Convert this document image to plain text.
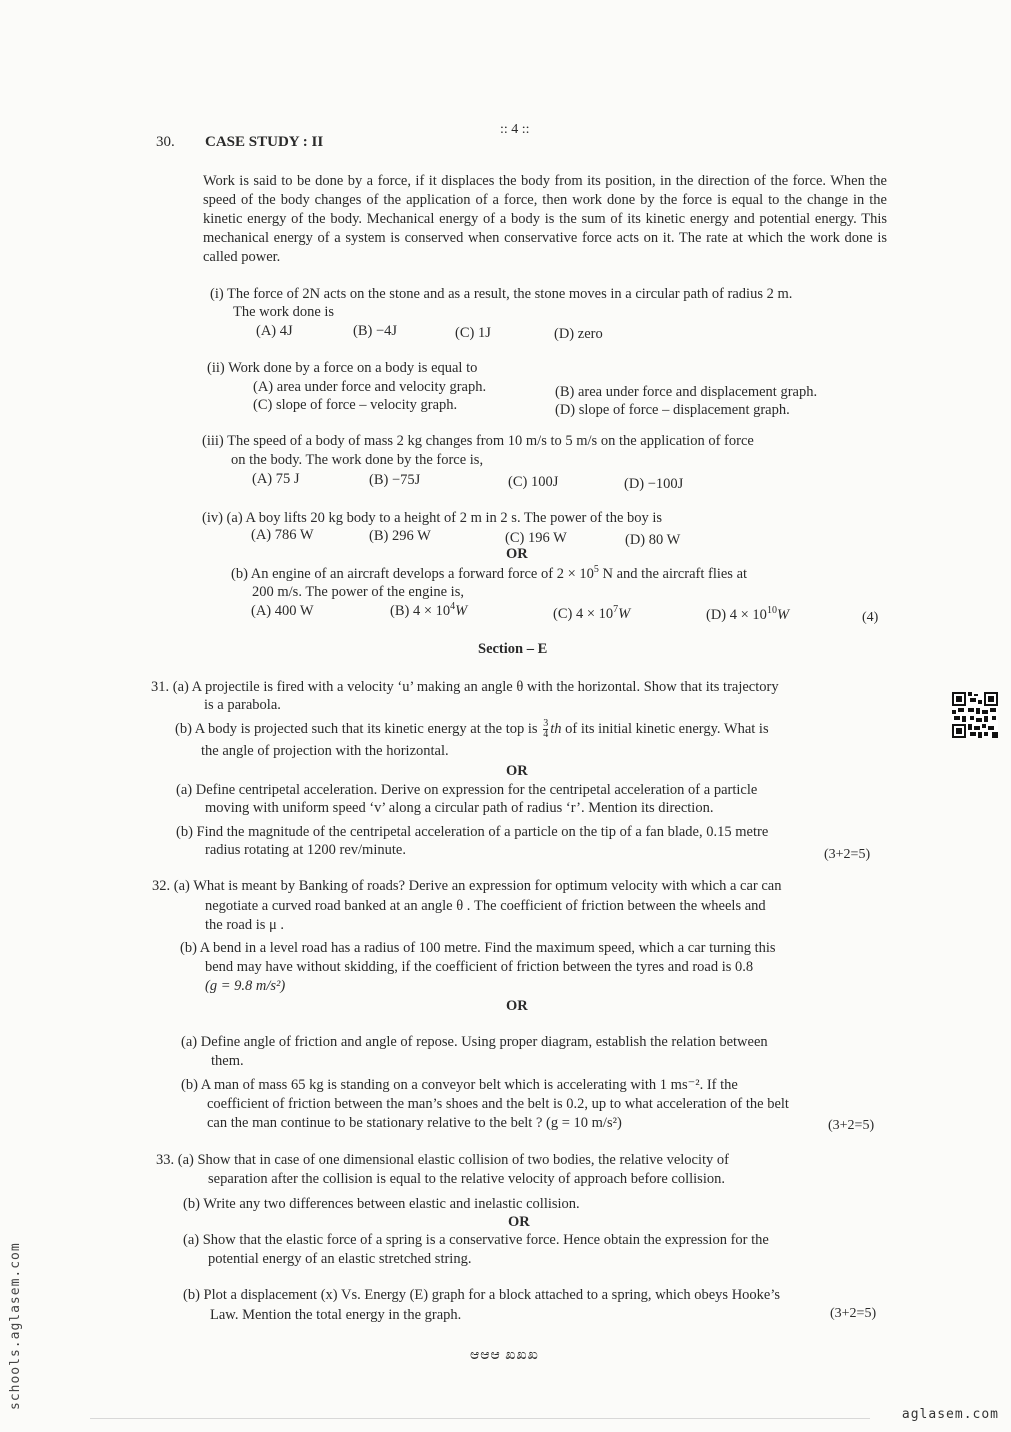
:: 4 ::
30. CASE STUDY : II
Work is said to be done by a force, if it displaces the body from its position, in the direction of the force. When the speed of the body changes of the application of a force, then work done by the force is equal to the change in the kinetic energy of the body. Mechanical energy of a body is the sum of its kinetic energy and potential energy. This mechanical energy of a system is conserved when conservative force acts on it. The rate at which the work done is called power.
(i) The force of 2N acts on the stone and as a result, the stone moves in a circular path of radius 2 m.
The work done is
(A) 4J	(B) −4J	(C) 1J	(D) zero
(ii) Work done by a force on a body is equal to
(A) area under force and velocity graph.	(B) area under force and displacement graph.
(C) slope of force – velocity graph.	(D) slope of force – displacement graph.
(iii) The speed of a body of mass 2 kg changes from 10 m/s to 5 m/s on the application of force
on the body. The work done by the force is,
(A) 75 J	(B) −75J	(C) 100J	(D) −100J
(iv) (a) A boy lifts 20 kg body to a height of 2 m in 2 s. The power of the boy is
(A) 786 W	(B) 296 W	(C) 196 W	(D) 80 W
OR
(b) An engine of an aircraft develops a forward force of $2 \times 10^5$ N and the aircraft flies at
200 m/s. The power of the engine is,
(A) 400 W	(B) $4 \times 10^4W$	(C) $4 \times 10^7W$	(D) $4 \times 10^{10}W$	(4)
Section – E
31. (a) A projectile is fired with a velocity ‘u’ making an angle θ with the horizontal. Show that its trajectory
is a parabola.
(b) A body is projected such that its kinetic energy at the top is $\frac{3}{4}$ th of its initial kinetic energy. What is
the angle of projection with the horizontal.
OR
(a) Define centripetal acceleration. Derive on expression for the centripetal acceleration of a particle
moving with uniform speed ‘v’ along a circular path of radius ‘r’. Mention its direction.
(b) Find the magnitude of the centripetal acceleration of a particle on the tip of a fan blade, 0.15 metre
radius rotating at 1200 rev/minute.	(3+2=5)
32. (a) What is meant by Banking of roads? Derive an expression for optimum velocity with which a car can
negotiate a curved road banked at an angle θ . The coefficient of friction between the wheels and
the road is μ .
(b) A bend in a level road has a radius of 100 metre. Find the maximum speed, which a car turning this
bend may have without skidding, if the coefficient of friction between the tyres and road is 0.8
(g = 9.8 m/s²)
OR
(a) Define angle of friction and angle of repose. Using proper diagram, establish the relation between
them.
(b) A man of mass 65 kg is standing on a conveyor belt which is accelerating with 1 ms⁻². If the
coefficient of friction between the man’s shoes and the belt is 0.2, up to what acceleration of the belt
can the man continue to be stationary relative to the belt ? (g = 10 m/s²)	(3+2=5)
33. (a) Show that in case of one dimensional elastic collision of two bodies, the relative velocity of
separation after the collision is equal to the relative velocity of approach before collision.
(b) Write any two differences between elastic and inelastic collision.
OR
(a) Show that the elastic force of a spring is a conservative force. Hence obtain the expression for the
potential energy of an elastic stretched string.
(b) Plot a displacement (x) Vs. Energy (E) graph for a block attached to a spring, which obeys Hooke’s
Law. Mention the total energy in the graph.	(3+2=5)
ಆಆಆ ಖಖಖ
schools.aglasem.com
aglasem.com
